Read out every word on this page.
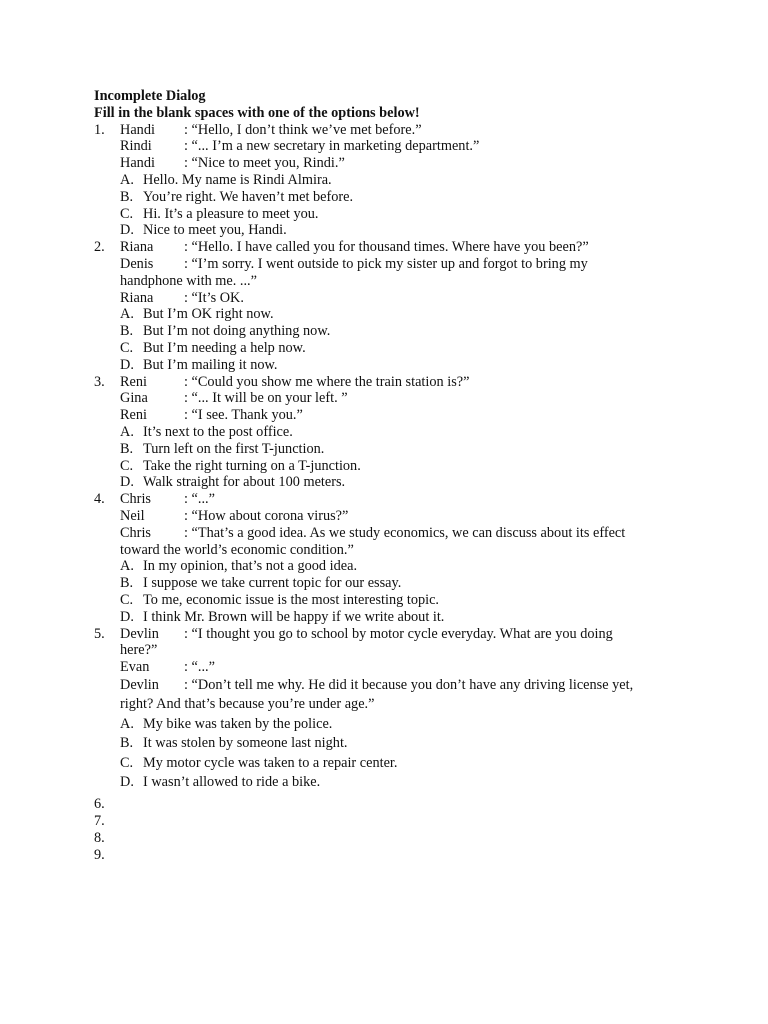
Incomplete Dialog
Fill in the blank spaces with one of the options below!
1.	Handi	: “Hello, I don’t think we’ve met before.”
Rindi	: “... I’m a new secretary in marketing department.”
Handi	: “Nice to meet you, Rindi.”
A. Hello. My name is Rindi Almira.
B. You’re right. We haven’t met before.
C. Hi. It’s a pleasure to meet you.
D. Nice to meet you, Handi.
2.	Riana	: “Hello. I have called you for thousand times. Where have you been?”
Denis	: “I’m sorry. I went outside to pick my sister up and forgot to bring my
handphone with me. ...”
Riana	: “It’s OK.
A. But I’m OK right now.
B. But I’m not doing anything now.
C. But I’m needing a help now.
D. But I’m mailing it now.
3.	Reni	: “Could you show me where the train station is?”
Gina	: “... It will be on your left. ”
Reni	: “I see. Thank you.”
A. It’s next to the post office.
B. Turn left on the first T-junction.
C. Take the right turning on a T-junction.
D. Walk straight for about 100 meters.
4.	Chris	: “...”
Neil	: “How about corona virus?”
Chris	: “That’s a good idea. As we study economics, we can discuss about its effect
toward the world’s economic condition.”
A. In my opinion, that’s not a good idea.
B. I suppose we take current topic for our essay.
C. To me, economic issue is the most interesting topic.
D. I think Mr. Brown will be happy if we write about it.
5.	Devlin	: “I thought you go to school by motor cycle everyday. What are you doing
here?”
Evan	: “...”
Devlin	: “Don’t tell me why. He did it because you don’t have any driving license yet,
right? And that’s because you’re under age.”
A. My bike was taken by the police.
B. It was stolen by someone last night.
C. My motor cycle was taken to a repair center.
D. I wasn’t allowed to ride a bike.
6.
7.
8.
9.
